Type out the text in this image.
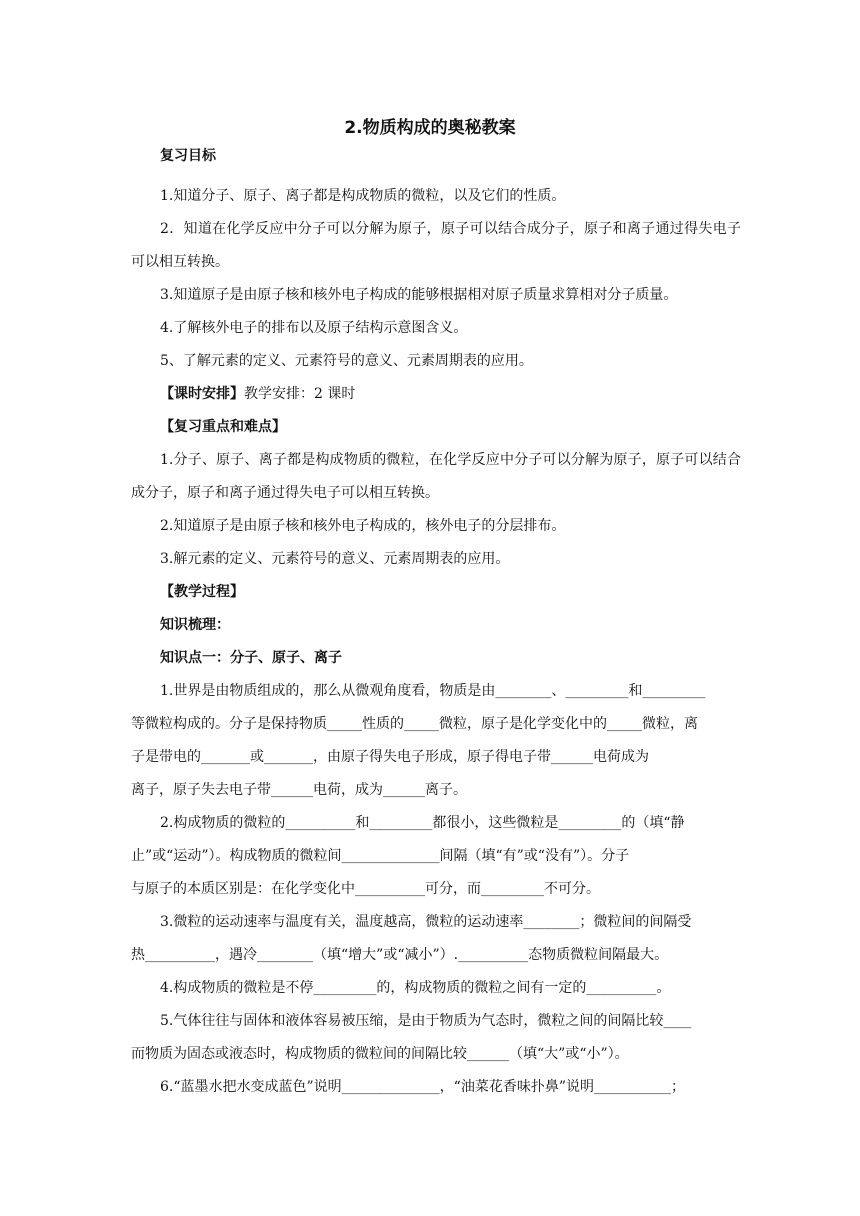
2.物质构成的奥秘教案
复习目标

1.知道分子、原子、离子都是构成物质的微粒，以及它们的性质。

2．知道在化学反应中分子可以分解为原子，原子可以结合成分子，原子和离子通过得失电子可以相互转换。

3.知道原子是由原子核和核外电子构成的能够根据相对原子质量求算相对分子质量。

4.了解核外电子的排布以及原子结构示意图含义。

5、了解元素的定义、元素符号的意义、元素周期表的应用。

【课时安排】教学安排：2 课时

【复习重点和难点】

1.分子、原子、离子都是构成物质的微粒，在化学反应中分子可以分解为原子，原子可以结合成分子，原子和离子通过得失电子可以相互转换。

2.知道原子是由原子核和核外电子构成的，核外电子的分层排布。

3.解元素的定义、元素符号的意义、元素周期表的应用。

【教学过程】

知识梳理：

知识点一：分子、原子、离子

1.世界是由物质组成的，那么从微观角度看，物质是由________、_________和_________
等微粒构成的。分子是保持物质_____性质的_____微粒，原子是化学变化中的_____微粒，离
子是带电的_______或_______，由原子得失电子形成，原子得电子带______电荷成为
离子，原子失去电子带______电荷，成为______离子。

2.构成物质的微粒的__________和_________都很小，这些微粒是_________的（填“静
止”或“运动”）。构成物质的微粒间______________间隔（填“有”或“没有”）。分子
与原子的本质区别是：在化学变化中__________可分，而_________不可分。

3.微粒的运动速率与温度有关，温度越高，微粒的运动速率________；微粒间的间隔受
热__________，遇冷________（填“增大”或“减小”）.__________态物质微粒间隔最大。

4.构成物质的微粒是不停_________的，构成物质的微粒之间有一定的__________。

5.气体往往与固体和液体容易被压缩，是由于物质为气态时，微粒之间的间隔比较____
而物质为固态或液态时，构成物质的微粒间的间隔比较______（填“大”或“小”）。

6.“蓝墨水把水变成蓝色”说明______________，“油菜花香味扑鼻”说明___________；
